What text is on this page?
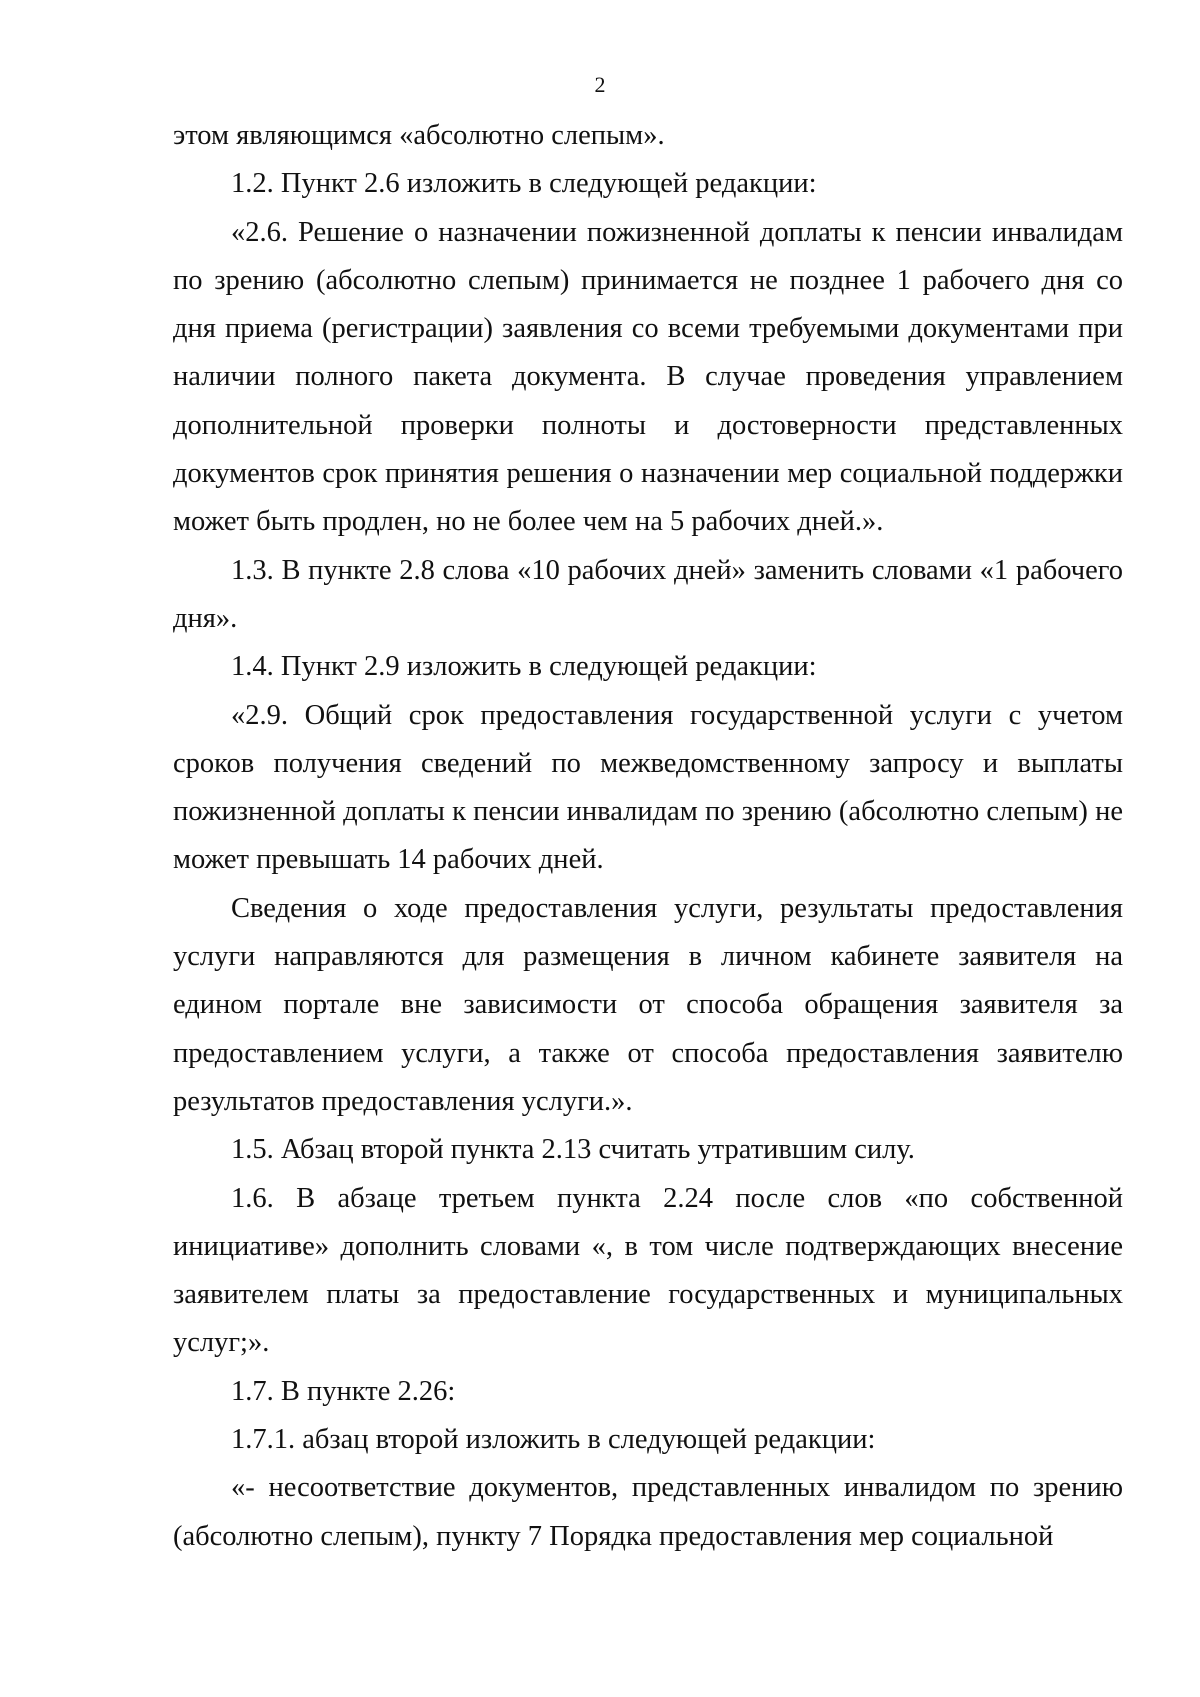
2

этом являющимся «абсолютно слепым».

1.2. Пункт 2.6 изложить в следующей редакции:

«2.6. Решение о назначении пожизненной доплаты к пенсии инвалидам по зрению (абсолютно слепым) принимается не позднее 1 рабочего дня со дня приема (регистрации) заявления со всеми требуемыми документами при наличии полного пакета документа. В случае проведения управлением дополнительной проверки полноты и достоверности представленных документов срок принятия решения о назначении мер социальной поддержки может быть продлен, но не более чем на 5 рабочих дней.».

1.3. В пункте 2.8 слова «10 рабочих дней» заменить словами «1 рабочего дня».

1.4. Пункт 2.9 изложить в следующей редакции:

«2.9. Общий срок предоставления государственной услуги с учетом сроков получения сведений по межведомственному запросу и выплаты пожизненной доплаты к пенсии инвалидам по зрению (абсолютно слепым) не может превышать 14 рабочих дней.

Сведения о ходе предоставления услуги, результаты предоставления услуги направляются для размещения в личном кабинете заявителя на едином портале вне зависимости от способа обращения заявителя за предоставлением услуги, а также от способа предоставления заявителю результатов предоставления услуги.».

1.5. Абзац второй пункта 2.13 считать утратившим силу.

1.6. В абзаце третьем пункта 2.24 после слов «по собственной инициативе» дополнить словами «, в том числе подтверждающих внесение заявителем платы за предоставление государственных и муниципальных услуг;».

1.7. В пункте 2.26:

1.7.1. абзац второй изложить в следующей редакции:

«- несоответствие документов, представленных инвалидом по зрению (абсолютно слепым), пункту 7 Порядка предоставления мер социальной
